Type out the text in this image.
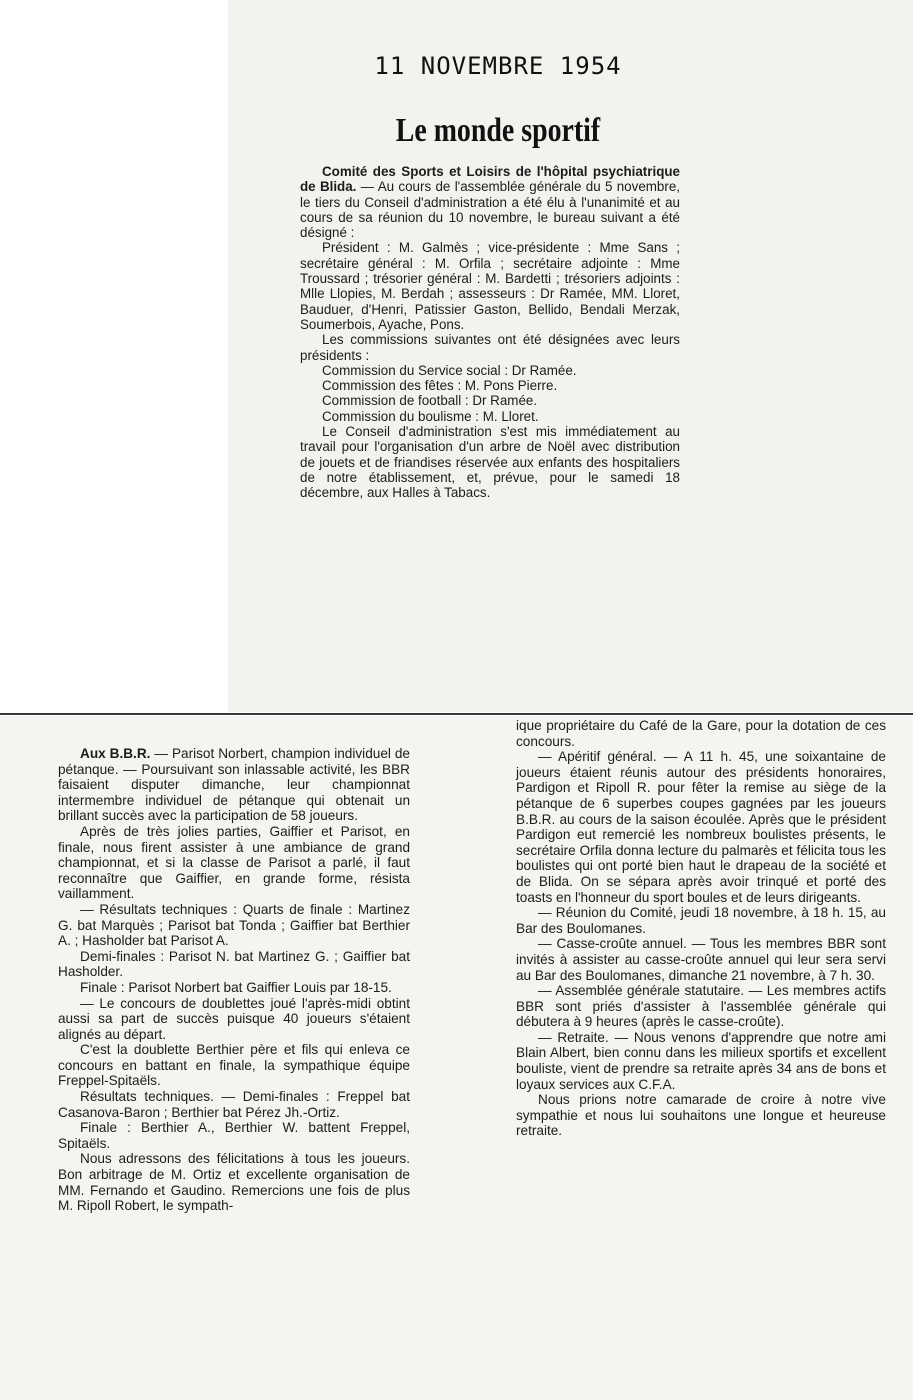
11 NOVEMBRE 1954
Le monde sportif

Comité des Sports et Loisirs de l'hôpital psychiatrique de Blida. — Au cours de l'assemblée générale du 5 novembre, le tiers du Conseil d'administration a été élu à l'unanimité et au cours de sa réunion du 10 novembre, le bureau suivant a été désigné :

Président : M. Galmès ; vice-présidente : Mme Sans ; secrétaire général : M. Orfila ; secrétaire adjointe : Mme Troussard ; trésorier général : M. Bardetti ; trésoriers adjoints : Mlle Llopies, M. Berdah ; assesseurs : Dr Ramée, MM. Lloret, Bauduer, d'Henri, Patissier Gaston, Bellido, Bendali Merzak, Soumerbois, Ayache, Pons.

Les commissions suivantes ont été désignées avec leurs présidents :

Commission du Service social : Dr Ramée.

Commission des fêtes : M. Pons Pierre.

Commission de football : Dr Ramée.

Commission du boulisme : M. Lloret.

Le Conseil d'administration s'est mis immédiatement au travail pour l'organisation d'un arbre de Noël avec distribution de jouets et de friandises réservée aux enfants des hospitaliers de notre établissement, et, prévue, pour le samedi 18 décembre, aux Halles à Tabacs.

Aux B.B.R. — Parisot Norbert, champion individuel de pétanque. — Poursuivant son inlassable activité, les BBR faisaient disputer dimanche, leur championnat intermembre individuel de pétanque qui obtenait un brillant succès avec la participation de 58 joueurs.

Après de très jolies parties, Gaiffier et Parisot, en finale, nous firent assister à une ambiance de grand championnat, et si la classe de Parisot a parlé, il faut reconnaître que Gaiffier, en grande forme, résista vaillamment.

— Résultats techniques : Quarts de finale : Martinez G. bat Marquès ; Parisot bat Tonda ; Gaiffier bat Berthier A. ; Hasholder bat Parisot A.

Demi-finales : Parisot N. bat Martinez G. ; Gaiffier bat Hasholder.

Finale : Parisot Norbert bat Gaiffier Louis par 18-15.

— Le concours de doublettes joué l'après-midi obtint aussi sa part de succès puisque 40 joueurs s'étaient alignés au départ.

C'est la doublette Berthier père et fils qui enleva ce concours en battant en finale, la sympathique équipe Freppel-Spitaëls.

Résultats techniques. — Demi-finales : Freppel bat Casanova-Baron ; Berthier bat Pérez Jh.-Ortiz.

Finale : Berthier A., Berthier W. battent Freppel, Spitaëls.

Nous adressons des félicitations à tous les joueurs. Bon arbitrage de M. Ortiz et excellente organisation de MM. Fernando et Gaudino. Remercions une fois de plus M. Ripoll Robert, le sympath-

ique propriétaire du Café de la Gare, pour la dotation de ces concours.

— Apéritif général. — A 11 h. 45, une soixantaine de joueurs étaient réunis autour des présidents honoraires, Pardigon et Ripoll R. pour fêter la remise au siège de la pétanque de 6 superbes coupes gagnées par les joueurs B.B.R. au cours de la saison écoulée. Après que le président Pardigon eut remercié les nombreux boulistes présents, le secrétaire Orfila donna lecture du palmarès et félicita tous les boulistes qui ont porté bien haut le drapeau de la société et de Blida. On se sépara après avoir trinqué et porté des toasts en l'honneur du sport boules et de leurs dirigeants.

— Réunion du Comité, jeudi 18 novembre, à 18 h. 15, au Bar des Boulomanes.

— Casse-croûte annuel. — Tous les membres BBR sont invités à assister au casse-croûte annuel qui leur sera servi au Bar des Boulomanes, dimanche 21 novembre, à 7 h. 30.

— Assemblée générale statutaire. — Les membres actifs BBR sont priés d'assister à l'assemblée générale qui débutera à 9 heures (après le casse-croûte).

— Retraite. — Nous venons d'apprendre que notre ami Blain Albert, bien connu dans les milieux sportifs et excellent bouliste, vient de prendre sa retraite après 34 ans de bons et loyaux services aux C.F.A.

Nous prions notre camarade de croire à notre vive sympathie et nous lui souhaitons une longue et heureuse retraite.
